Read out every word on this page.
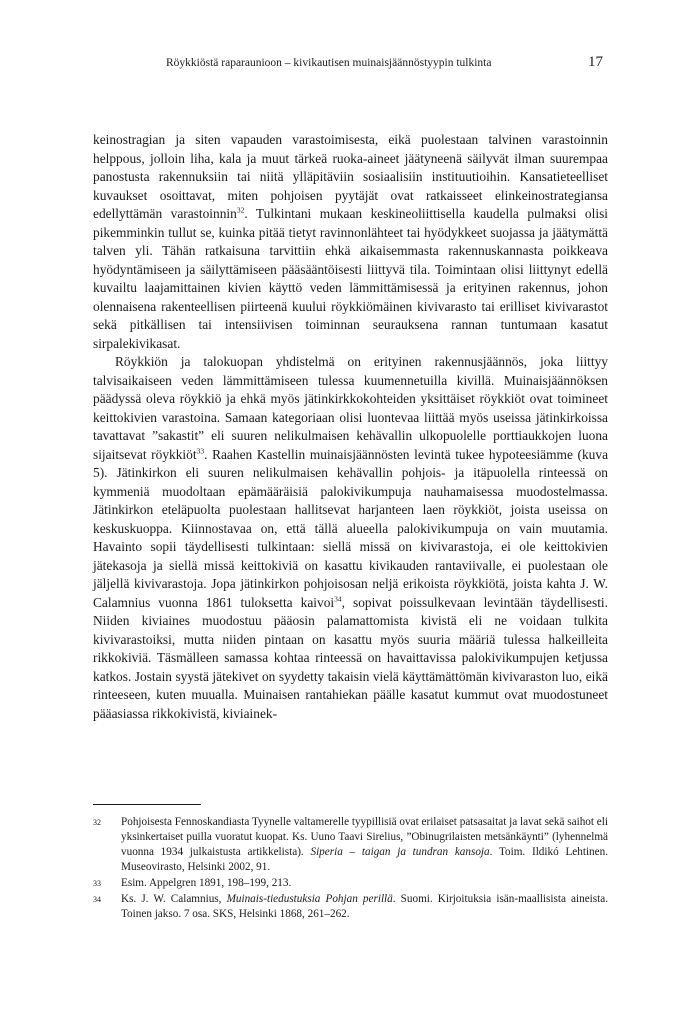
Röykkiöstä raparaunioon – kivikautisen muinaisjäännöstyypin tulkinta	17

keinostragian ja siten vapauden varastoimisesta, eikä puolestaan talvinen varastoinnin helppous, jolloin liha, kala ja muut tärkeä ruoka-aineet jäätyneenä säilyvät ilman suurempaa panostusta rakennuksiin tai niitä ylläpitäviin sosiaalisiin instituutioihin. Kansatieteelliset kuvaukset osoittavat, miten pohjoisen pyytäjät ovat ratkaisseet elinkeinostrategiansa edellyttämän varastoinnin$^{32}$. Tulkintani mukaan keskineoliittisella kaudella pulmaksi olisi pikemminkin tullut se, kuinka pitää tietyt ravinnonlähteet tai hyödykkeet suojassa ja jäätymättä talven yli. Tähän ratkaisuna tarvittiin ehkä aikaisemmasta rakennuskannasta poikkeava hyödyntämiseen ja säilyttämiseen pääsääntöisesti liittyvä tila. Toimintaan olisi liittynyt edellä kuvailtu laajamittainen kivien käyttö veden lämmittämisessä ja erityinen rakennus, johon olennaisena rakenteellisen piirteenä kuului röykkiömäinen kivivarasto tai erilliset kivivarastot sekä pitkällisen tai intensiivisen toiminnan seurauksena rannan tuntumaan kasatut sirpalekivikasat.

Röykkiön ja talokuopan yhdistelmä on erityinen rakennusjäännös, joka liittyy talvisaikaiseen veden lämmittämiseen tulessa kuumennetuilla kivillä. Muinaisjäännöksen päädyssä oleva röykkiö ja ehkä myös jätinkirkkokohteiden yksittäiset röykkiöt ovat toimineet keittokivien varastoina. Samaan kategoriaan olisi luontevaa liittää myös useissa jätinkirkoissa tavattavat ”sakastit” eli suuren nelikulmaisen kehävallin ulkopuolelle porttiaukkojen luona sijaitsevat röykkiöt$^{33}$. Raahen Kastellin muinaisjäännösten levintä tukee hypoteesiämme (kuva 5). Jätinkirkon eli suuren nelikulmaisen kehävallin pohjois- ja itäpuolella rinteessä on kymmeniä muodoltaan epämääräisiä palokivikumpuja nauhamaisessa muodostelmassa. Jätinkirkon eteläpuolta puolestaan hallitsevat harjanteen laen röykkiöt, joista useissa on keskuskuoppa. Kiinnostavaa on, että tällä alueella palokivikumpuja on vain muutamia. Havainto sopii täydellisesti tulkintaan: siellä missä on kivivarastoja, ei ole keittokivien jätekasoja ja siellä missä keittokiviä on kasattu kivikauden rantaviivalle, ei puolestaan ole jäljellä kivivarastoja. Jopa jätinkirkon pohjoisosan neljä erikoista röykkiötä, joista kahta J. W. Calamnius vuonna 1861 tuloksetta kaivoi$^{34}$, sopivat poissulkevaan levintään täydellisesti. Niiden kiviaines muodostuu pääosin palamattomista kivistä eli ne voidaan tulkita kivivarastoiksi, mutta niiden pintaan on kasattu myös suuria määriä tulessa halkeilleita rikkokiviä. Täsmälleen samassa kohtaa rinteessä on havaittavissa palokivikumpujen ketjussa katkos. Jostain syystä jätekivet on syydetty takaisin vielä käyttämättömän kivivaraston luo, eikä rinteeseen, kuten muualla. Muinaisen rantahiekan päälle kasatut kummut ovat muodostuneet pääasiassa rikkokivistä, kiviainek-

32	Pohjoisesta Fennoskandiasta Tyynelle valtamerelle tyypillisiä ovat erilaiset patsasaitat ja lavat sekä saihot eli yksinkertaiset puilla vuoratut kuopat. Ks. Uuno Taavi Sirelius, ”Obinugrilaisten metsänkäynti” (lyhennelmä vuonna 1934 julkaistusta artikkelista). Siperia – taigan ja tundran kansoja. Toim. Ildikó Lehtinen. Museovirasto, Helsinki 2002, 91.
33	Esim. Appelgren 1891, 198–199, 213.
34	Ks. J. W. Calamnius, Muinais-tiedustuksia Pohjan perillä. Suomi. Kirjoituksia isän-maallisista aineista. Toinen jakso. 7 osa. SKS, Helsinki 1868, 261–262.
